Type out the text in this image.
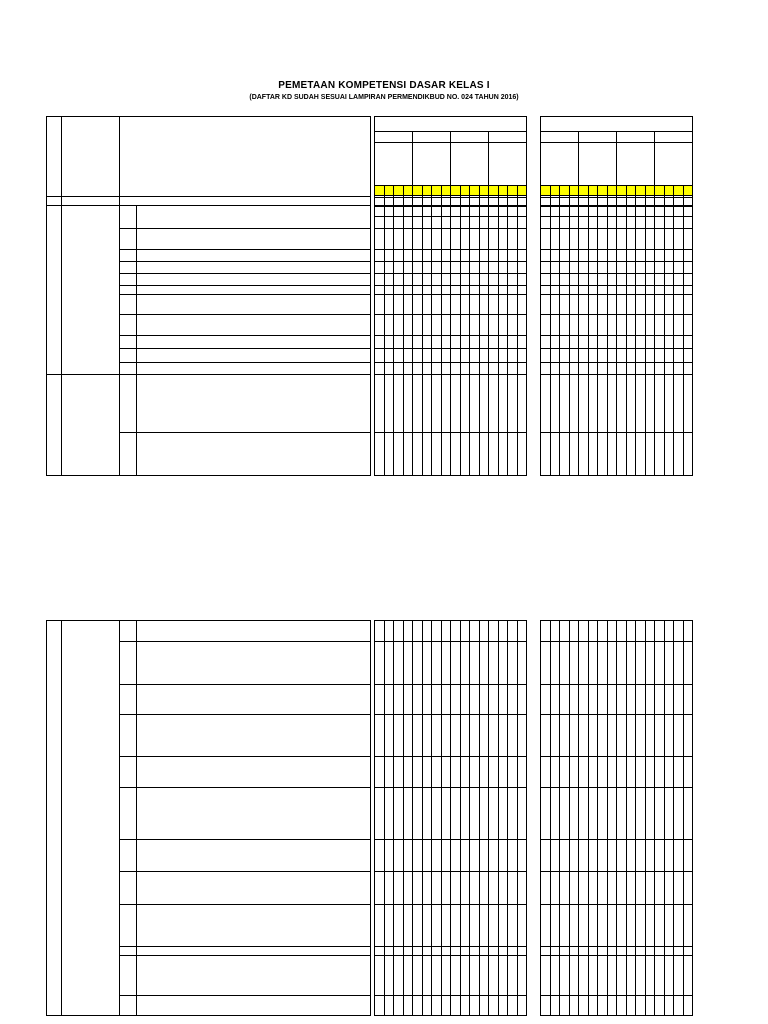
PEMETAAN KOMPETENSI DASAR KELAS I
(DAFTAR KD SUDAH SESUAI LAMPIRAN PERMENDIKBUD NO. 024 TAHUN 2016)
